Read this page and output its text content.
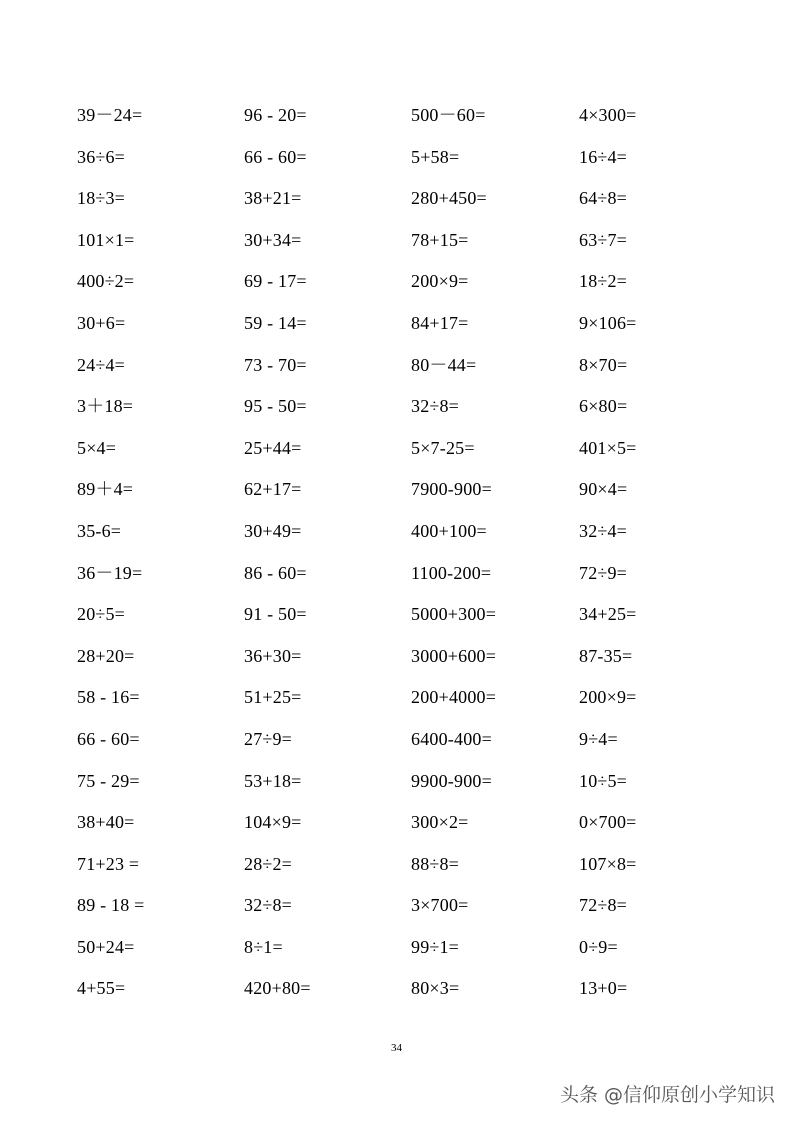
39－24=	96 - 20=	500－60=	4×300=
36÷6=	66 - 60=	5+58=	16÷4=
18÷3=	38+21=	280+450=	64÷8=
101×1=	30+34=	78+15=	63÷7=
400÷2=	69 - 17=	200×9=	18÷2=
30+6=	59 - 14=	84+17=	9×106=
24÷4=	73 - 70=	80－44=	8×70=
3＋18=	95 - 50=	32÷8=	6×80=
5×4=	25+44=	5×7-25=	401×5=
89＋4=	62+17=	7900-900=	90×4=
35-6=	30+49=	400+100=	32÷4=
36－19=	86 - 60=	1100-200=	72÷9=
20÷5=	91 - 50=	5000+300=	34+25=
28+20=	36+30=	3000+600=	87-35=
58 - 16=	51+25=	200+4000=	200×9=
66 - 60=	27÷9=	6400-400=	9÷4=
75 - 29=	53+18=	9900-900=	10÷5=
38+40=	104×9=	300×2=	0×700=
71+23 =	28÷2=	88÷8=	107×8=
89 - 18 =	32÷8=	3×700=	72÷8=
50+24=	8÷1=	99÷1=	0÷9=
4+55=	420+80=	80×3=	13+0=
34
头条 @信仰原创小学知识
